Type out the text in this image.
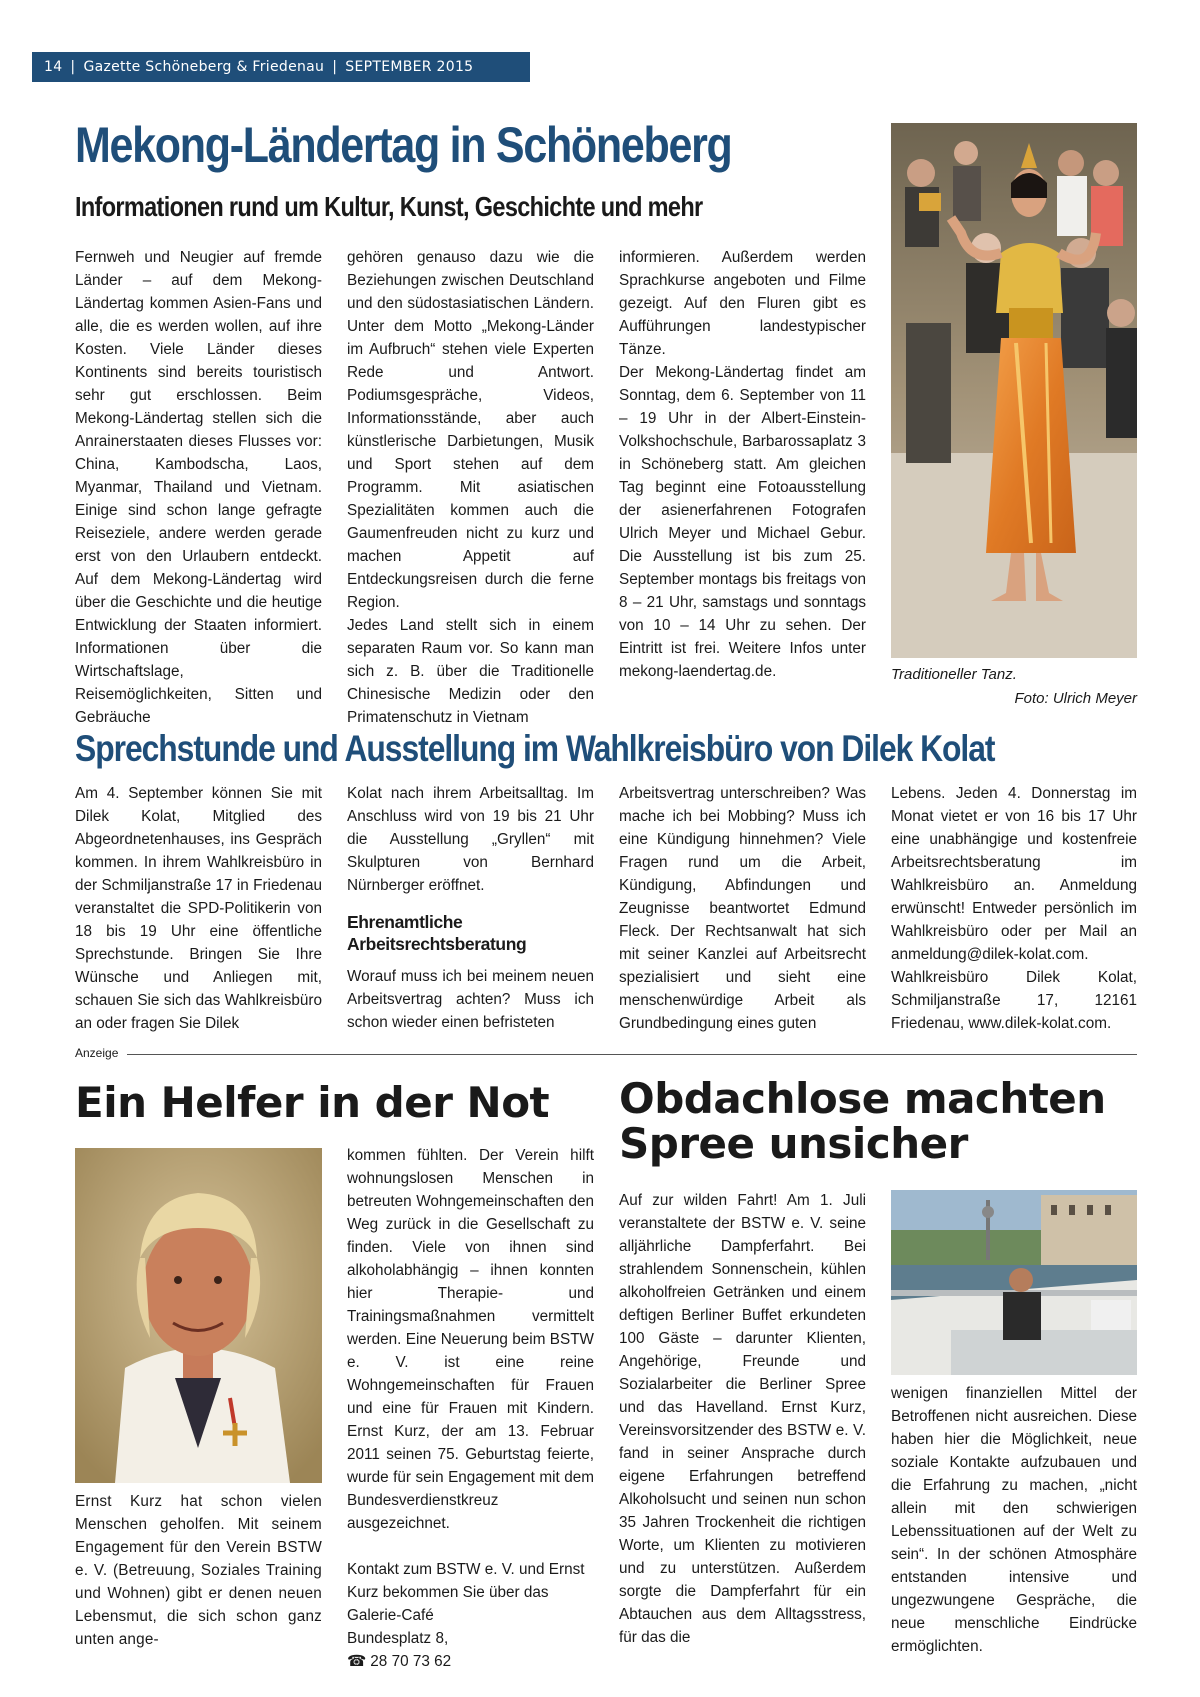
14 | Gazette Schöneberg & Friedenau | SEPTEMBER 2015
Mekong-Ländertag in Schöneberg
Informationen rund um Kultur, Kunst, Geschichte und mehr

Fernweh und Neugier auf fremde Länder – auf dem Mekong-Ländertag kommen Asien-Fans und alle, die es werden wollen, auf ihre Kosten. Viele Länder dieses Kontinents sind bereits touristisch sehr gut erschlossen. Beim Mekong-Ländertag stellen sich die Anrainerstaaten dieses Flusses vor: China, Kambodscha, Laos, Myanmar, Thailand und Vietnam. Einige sind schon lange gefragte Reiseziele, andere werden gerade erst von den Urlaubern entdeckt. Auf dem Mekong-Ländertag wird über die Geschichte und die heutige Entwicklung der Staaten informiert. Informationen über die Wirtschaftslage, Reisemöglichkeiten, Sitten und Gebräuche

gehören genauso dazu wie die Beziehungen zwischen Deutschland und den südostasiatischen Ländern. Unter dem Motto „Mekong-Länder im Aufbruch“ stehen viele Experten Rede und Antwort. Podiumsgespräche, Videos, Informationsstände, aber auch künstlerische Darbietungen, Musik und Sport stehen auf dem Programm. Mit asiatischen Spezialitäten kommen auch die Gaumenfreuden nicht zu kurz und machen Appetit auf Entdeckungsreisen durch die ferne Region.

Jedes Land stellt sich in einem separaten Raum vor. So kann man sich z. B. über die Traditionelle Chinesische Medizin oder den Primatenschutz in Vietnam

informieren. Außerdem werden Sprachkurse angeboten und Filme gezeigt. Auf den Fluren gibt es Aufführungen landestypischer Tänze.

Der Mekong-Ländertag findet am Sonntag, dem 6. September von 11 – 19 Uhr in der Albert-Einstein-Volkshochschule, Barbarossaplatz 3 in Schöneberg statt. Am gleichen Tag beginnt eine Fotoausstellung der asienerfahrenen Fotografen Ulrich Meyer und Michael Gebur. Die Ausstellung ist bis zum 25. September montags bis freitags von 8 – 21 Uhr, samstags und sonntags von 10 – 14 Uhr zu sehen. Der Eintritt ist frei. Weitere Infos unter mekong-laendertag.de.	Traditioneller Tanz.
Foto: Ulrich Meyer
Sprechstunde und Ausstellung im Wahlkreisbüro von Dilek Kolat

Am 4. September können Sie mit Dilek Kolat, Mitglied des Abgeordnetenhauses, ins Gespräch kommen. In ihrem Wahlkreisbüro in der Schmiljanstraße 17 in Friedenau veranstaltet die SPD-Politikerin von 18 bis 19 Uhr eine öffentliche Sprechstunde. Bringen Sie Ihre Wünsche und Anliegen mit, schauen Sie sich das Wahlkreisbüro an oder fragen Sie Dilek

Kolat nach ihrem Arbeitsalltag. Im Anschluss wird von 19 bis 21 Uhr die Ausstellung „Gryllen“ mit Skulpturen von Bernhard Nürnberger eröffnet.

Ehrenamtliche Arbeitsrechtsberatung

Worauf muss ich bei meinem neuen Arbeitsvertrag achten? Muss ich schon wieder einen befristeten

Arbeitsvertrag unterschreiben? Was mache ich bei Mobbing? Muss ich eine Kündigung hinnehmen? Viele Fragen rund um die Arbeit, Kündigung, Abfindungen und Zeugnisse beantwortet Edmund Fleck. Der Rechtsanwalt hat sich mit seiner Kanzlei auf Arbeitsrecht spezialisiert und sieht eine menschenwürdige Arbeit als Grundbedingung eines guten

Lebens. Jeden 4. Donnerstag im Monat vietet er von 16 bis 17 Uhr eine unabhängige und kostenfreie Arbeitsrechtsberatung im Wahlkreisbüro an. Anmeldung erwünscht! Entweder persönlich im Wahlkreisbüro oder per Mail an anmeldung@dilek-kolat.com. Wahlkreisbüro Dilek Kolat, Schmiljanstraße 17, 12161 Friedenau, www.dilek-kolat.com.

Anzeige
Ein Helfer in der Not

Ernst Kurz hat schon vielen Menschen geholfen. Mit seinem Engagement für den Verein BSTW e. V. (Betreuung, Soziales Training und Wohnen) gibt er denen neuen Lebensmut, die sich schon ganz unten ange-

kommen fühlten. Der Verein hilft wohnungslosen Menschen in betreuten Wohngemeinschaften den Weg zurück in die Gesellschaft zu finden. Viele von ihnen sind alkoholabhängig – ihnen konnten hier Therapie- und Trainingsmaßnahmen vermittelt werden. Eine Neuerung beim BSTW e. V. ist eine reine Wohngemeinschaften für Frauen und eine für Frauen mit Kindern. Ernst Kurz, der am 13. Februar 2011 seinen 75. Geburtstag feierte, wurde für sein Engagement mit dem Bundesverdienstkreuz ausgezeichnet.

Kontakt zum BSTW e. V. und Ernst Kurz bekommen Sie über das Galerie-Café

Bundesplatz 8,

☎ 28 70 73 62

Obdachlose machten
Spree unsicher

Auf zur wilden Fahrt! Am 1. Juli veranstaltete der BSTW e. V. seine alljährliche Dampferfahrt. Bei strahlendem Sonnenschein, kühlen alkoholfreien Getränken und einem deftigen Berliner Buffet erkundeten 100 Gäste – darunter Klienten, Angehörige, Freunde und Sozialarbeiter die Berliner Spree und das Havelland. Ernst Kurz, Vereinsvorsitzender des BSTW e. V. fand in seiner Ansprache durch eigene Erfahrungen betreffend Alkoholsucht und seinen nun schon 35 Jahren Trockenheit die richtigen Worte, um Klienten zu motivieren und zu unterstützen. Außerdem sorgte die Dampferfahrt für ein Abtauchen aus dem Alltagsstress, für das die

wenigen finanziellen Mittel der Betroffenen nicht ausreichen. Diese haben hier die Möglichkeit, neue soziale Kontakte aufzubauen und die Erfahrung zu machen, „nicht allein mit den schwierigen Lebenssituationen auf der Welt zu sein“. In der schönen Atmosphäre entstanden intensive und ungezwungene Gespräche, die neue menschliche Eindrücke ermöglichten.
